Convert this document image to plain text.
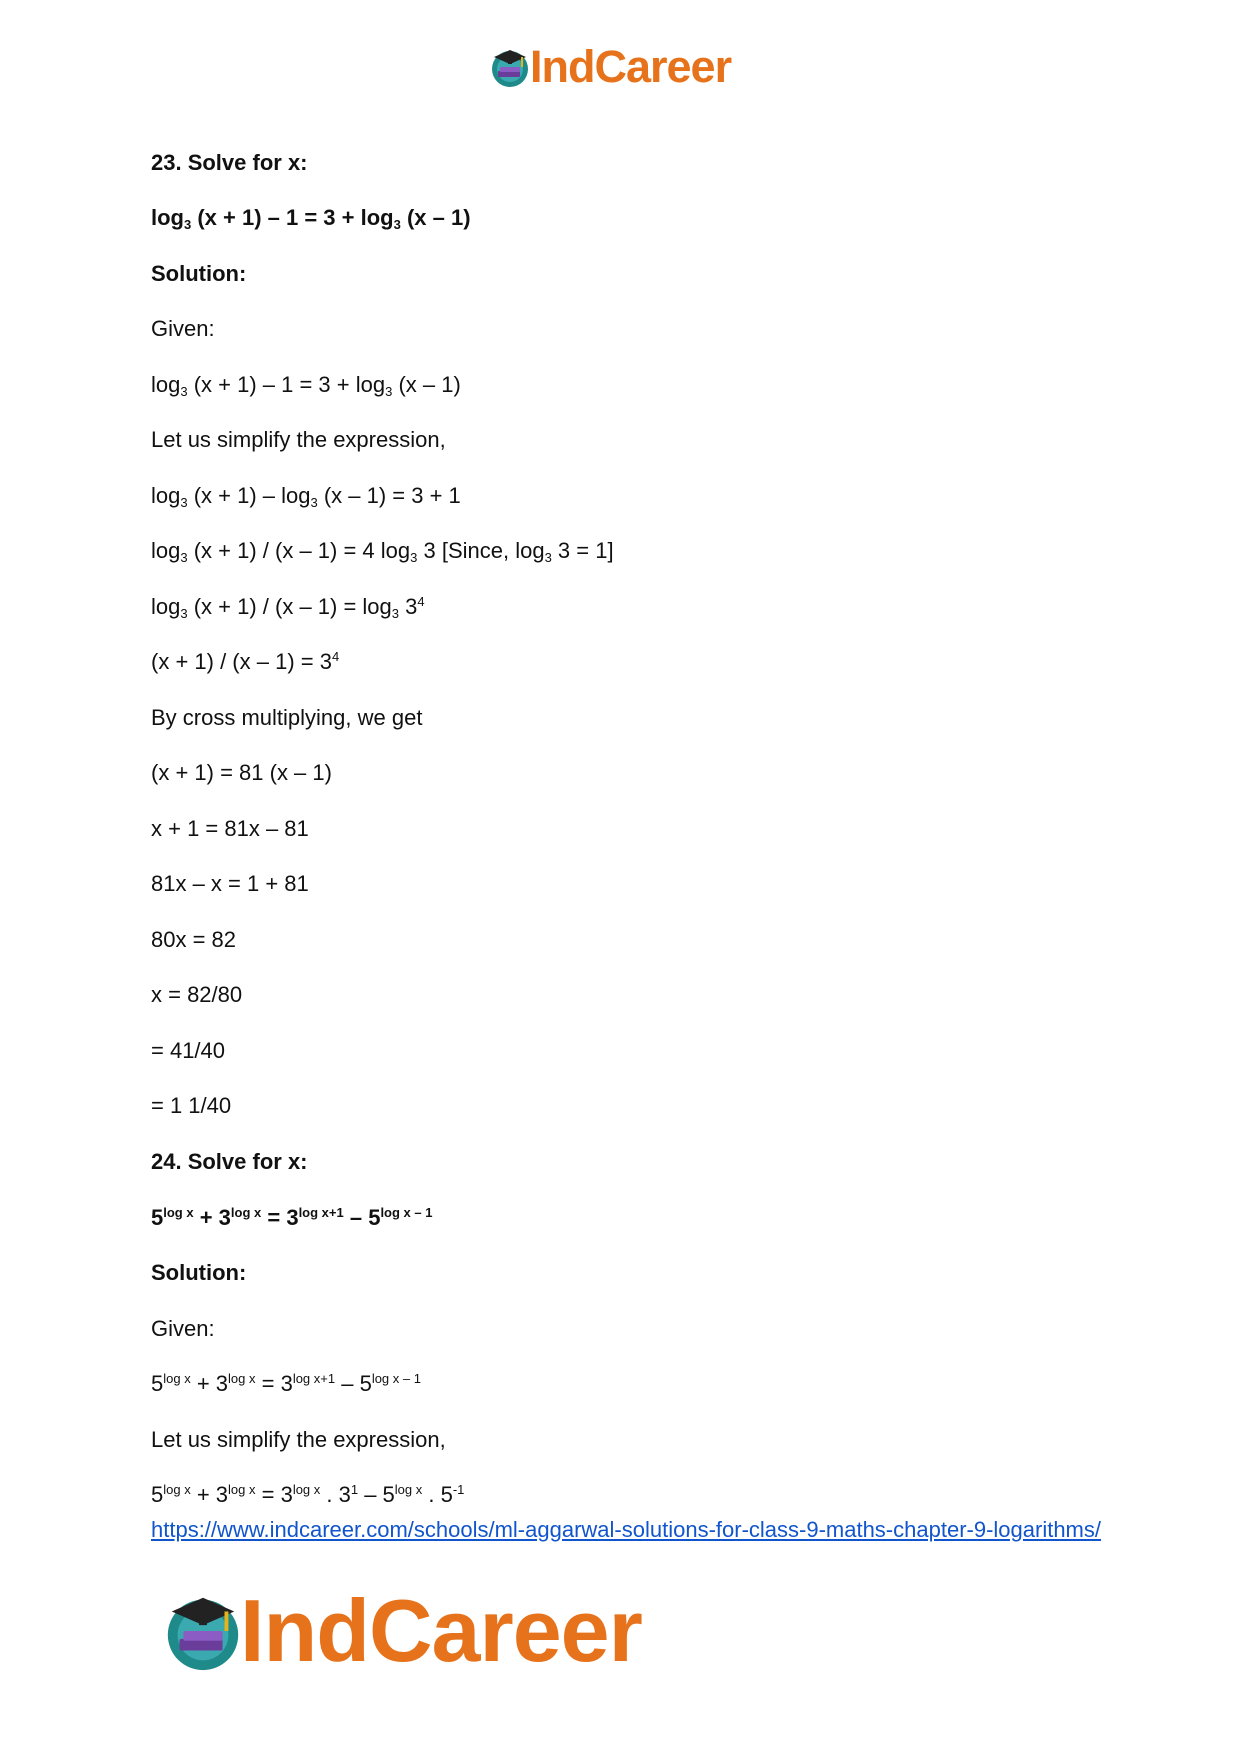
IndCareer
23. Solve for x:
$\log_3 (x + 1) - 1 = 3 + \log_3 (x - 1)$
Solution:
Given:
$\log_3 (x + 1) - 1 = 3 + \log_3 (x - 1)$
Let us simplify the expression,
$\log_3 (x + 1) - \log_3 (x - 1) = 3 + 1$
$\log_3 (x + 1) / (x - 1) = 4$ $\log_3 3$ [Since, $\log_3 3 = 1$]
$\log_3 (x + 1) / (x - 1) = \log_3 3^4$
$(x + 1) / (x - 1) = 3^4$
By cross multiplying, we get
(x + 1) = 81 (x – 1)
x + 1 = 81x – 81
81x – x = 1 + 81
80x = 82
x = 82/80
= 41/40
= 1 1/40
24. Solve for x:
$5^{log x} + 3^{log x} = 3^{log x+1} - 5^{log x - 1}$
Solution:
Given:
$5^{log x} + 3^{log x} = 3^{log x+1} - 5^{log x - 1}$
Let us simplify the expression,
$5^{log x} + 3^{log x} = 3^{log x}$ . $3^1 - 5^{log x}$ . $5^{-1}$
https://www.indcareer.com/schools/ml-aggarwal-solutions-for-class-9-maths-chapter-9-logarithms/
IndCareer
